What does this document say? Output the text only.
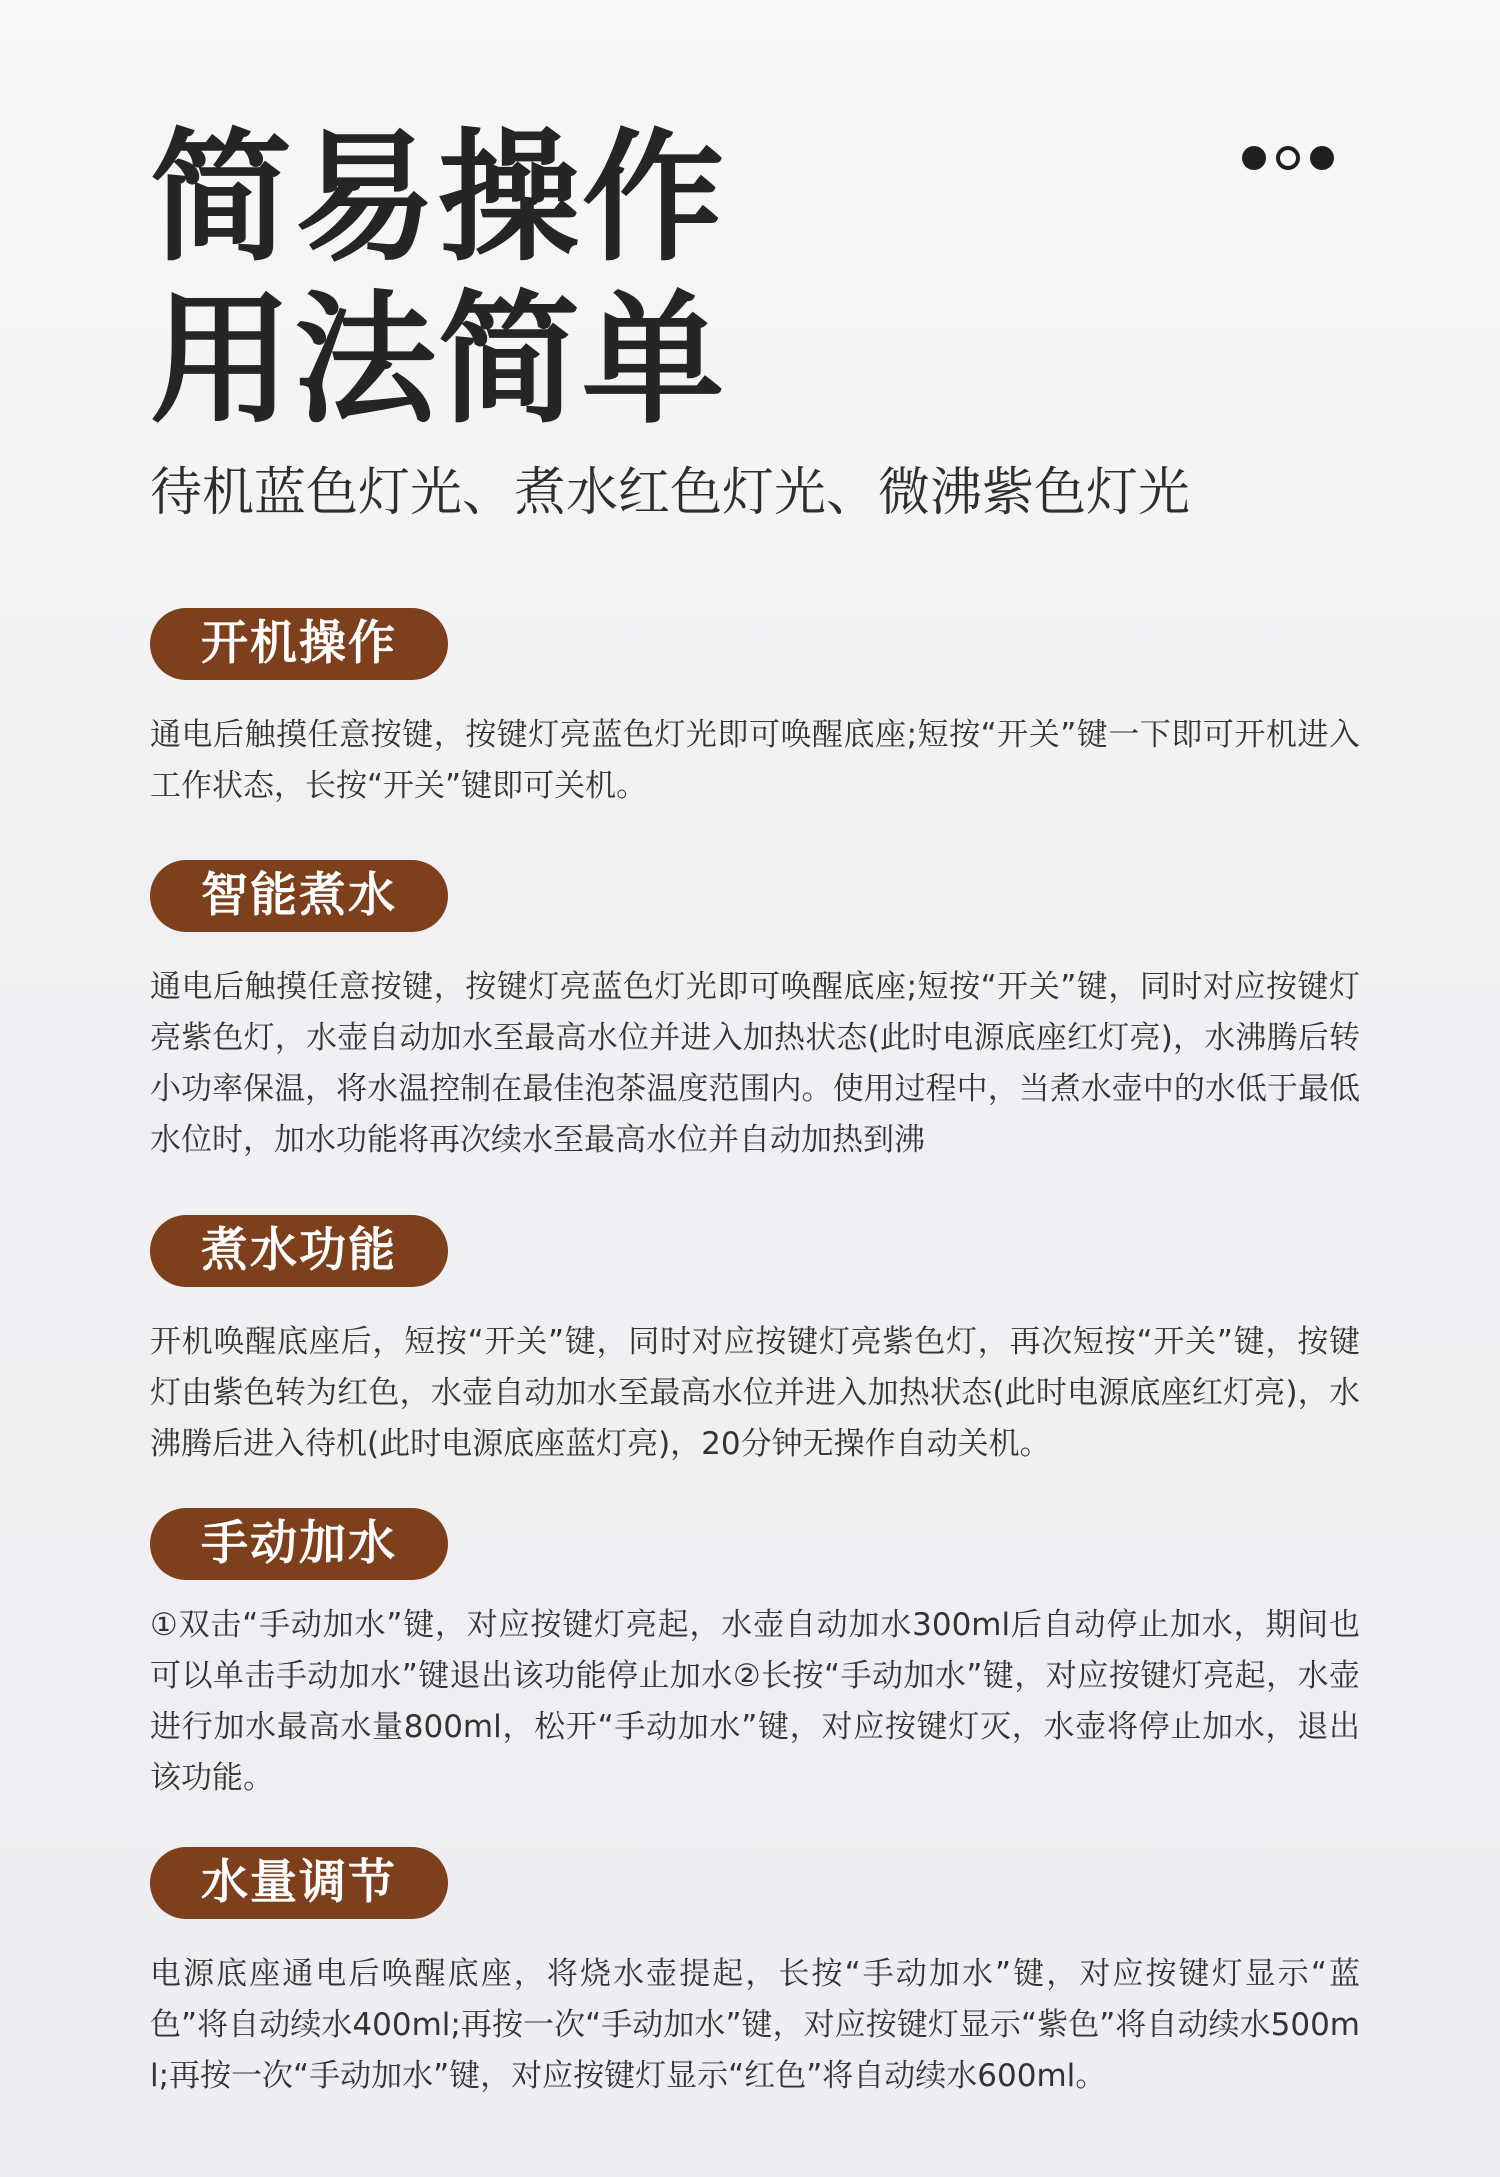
简易操作
用法简单

待机蓝色灯光、煮水红色灯光、微沸紫色灯光

开机操作

通电后触摸任意按键，按键灯亮蓝色灯光即可唤醒底座;短按“开关”键一下即可开机进入工作状态，长按“开关”键即可关机。

智能煮水

通电后触摸任意按键，按键灯亮蓝色灯光即可唤醒底座;短按“开关”键，同时对应按键灯亮紫色灯，水壶自动加水至最高水位并进入加热状态(此时电源底座红灯亮)，水沸腾后转小功率保温，将水温控制在最佳泡茶温度范围内。使用过程中，当煮水壶中的水低于最低水位时，加水功能将再次续水至最高水位并自动加热到沸

煮水功能

开机唤醒底座后，短按“开关”键，同时对应按键灯亮紫色灯，再次短按“开关”键，按键灯由紫色转为红色，水壶自动加水至最高水位并进入加热状态(此时电源底座红灯亮)，水沸腾后进入待机(此时电源底座蓝灯亮)，20分钟无操作自动关机。

手动加水

①双击“手动加水”键，对应按键灯亮起，水壶自动加水300ml后自动停止加水，期间也可以单击手动加水”键退出该功能停止加水②长按“手动加水”键，对应按键灯亮起，水壶进行加水最高水量800ml，松开“手动加水”键，对应按键灯灭，水壶将停止加水，退出该功能。

水量调节

电源底座通电后唤醒底座，将烧水壶提起，长按“手动加水”键，对应按键灯显示“蓝色”将自动续水400ml;再按一次“手动加水”键，对应按键灯显示“紫色”将自动续水500ml;再按一次“手动加水”键，对应按键灯显示“红色”将自动续水600ml。
